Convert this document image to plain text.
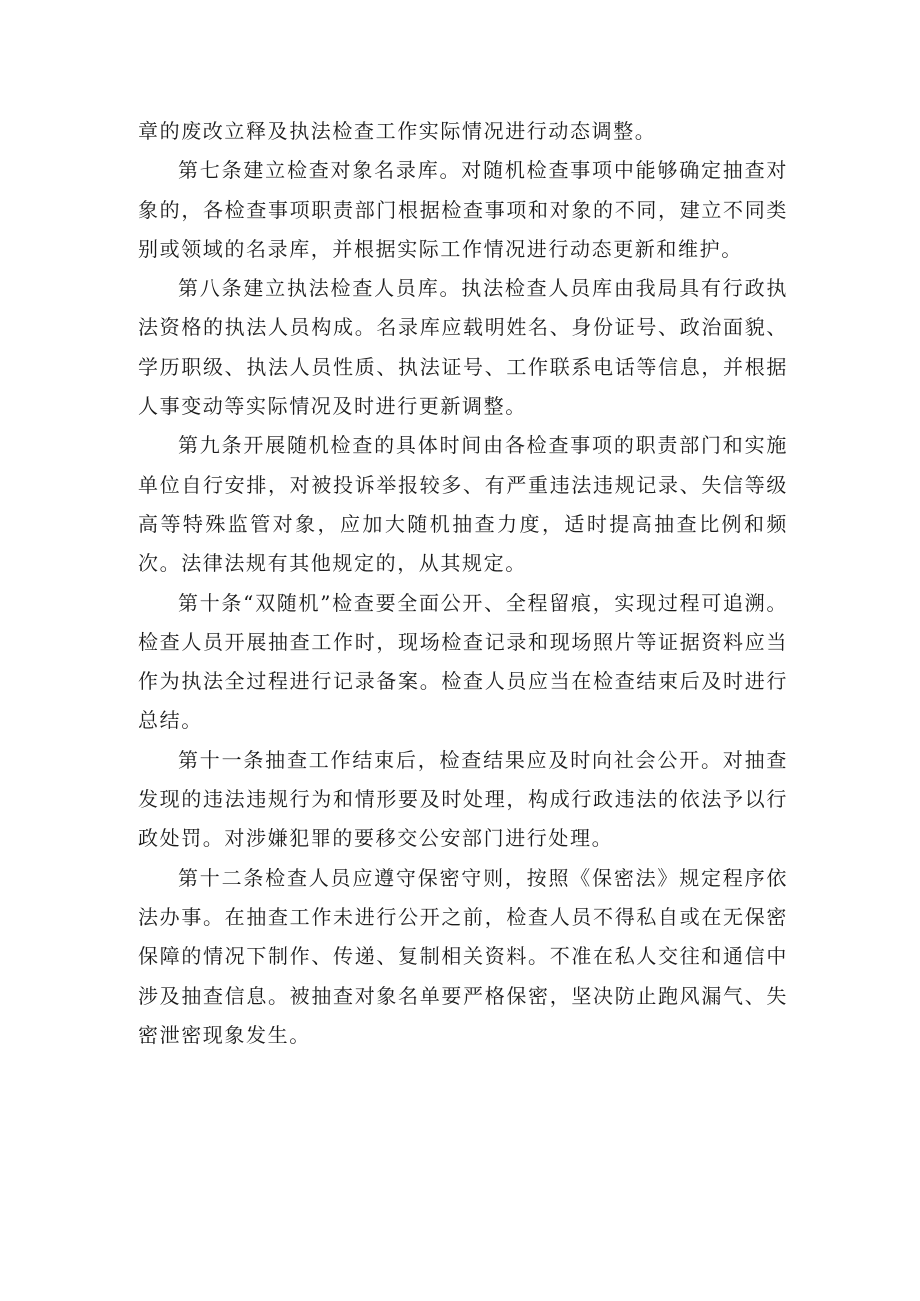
章的废改立释及执法检查工作实际情况进行动态调整。

第七条建立检查对象名录库。对随机检查事项中能够确定抽查对象的，各检查事项职责部门根据检查事项和对象的不同，建立不同类别或领域的名录库，并根据实际工作情况进行动态更新和维护。

第八条建立执法检查人员库。执法检查人员库由我局具有行政执法资格的执法人员构成。名录库应载明姓名、身份证号、政治面貌、学历职级、执法人员性质、执法证号、工作联系电话等信息，并根据人事变动等实际情况及时进行更新调整。

第九条开展随机检查的具体时间由各检查事项的职责部门和实施单位自行安排，对被投诉举报较多、有严重违法违规记录、失信等级高等特殊监管对象，应加大随机抽查力度，适时提高抽查比例和频次。法律法规有其他规定的，从其规定。

第十条“双随机”检查要全面公开、全程留痕，实现过程可追溯。检查人员开展抽查工作时，现场检查记录和现场照片等证据资料应当作为执法全过程进行记录备案。检查人员应当在检查结束后及时进行总结。

第十一条抽查工作结束后，检查结果应及时向社会公开。对抽查发现的违法违规行为和情形要及时处理，构成行政违法的依法予以行政处罚。对涉嫌犯罪的要移交公安部门进行处理。

第十二条检查人员应遵守保密守则，按照《保密法》规定程序依法办事。在抽查工作未进行公开之前，检查人员不得私自或在无保密保障的情况下制作、传递、复制相关资料。不准在私人交往和通信中涉及抽查信息。被抽查对象名单要严格保密，坚决防止跑风漏气、失密泄密现象发生。
